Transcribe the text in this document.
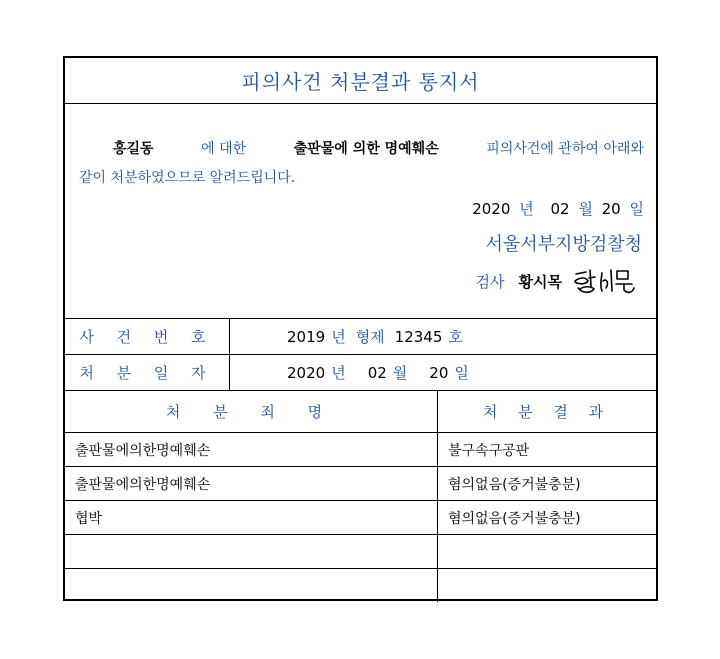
피의사건 처분결과 통지서
홍길동	에 대한	출판물에 의한 명예훼손	피의사건에 관하여 아래와
같이 처분하였으므로 알려드립니다.
2020 년 02 월 20 일
서울서부지방검찰청
검사 황시목
사 건 번 호	2019 년 형제 12345 호
처 분 일 자	2020 년 02 월 20 일
처 분 죄 명	처 분 결 과
출판물에의한명예훼손	불구속구공판
출판물에의한명예훼손	혐의없음(증거불충분)
협박	혐의없음(증거불충분)
